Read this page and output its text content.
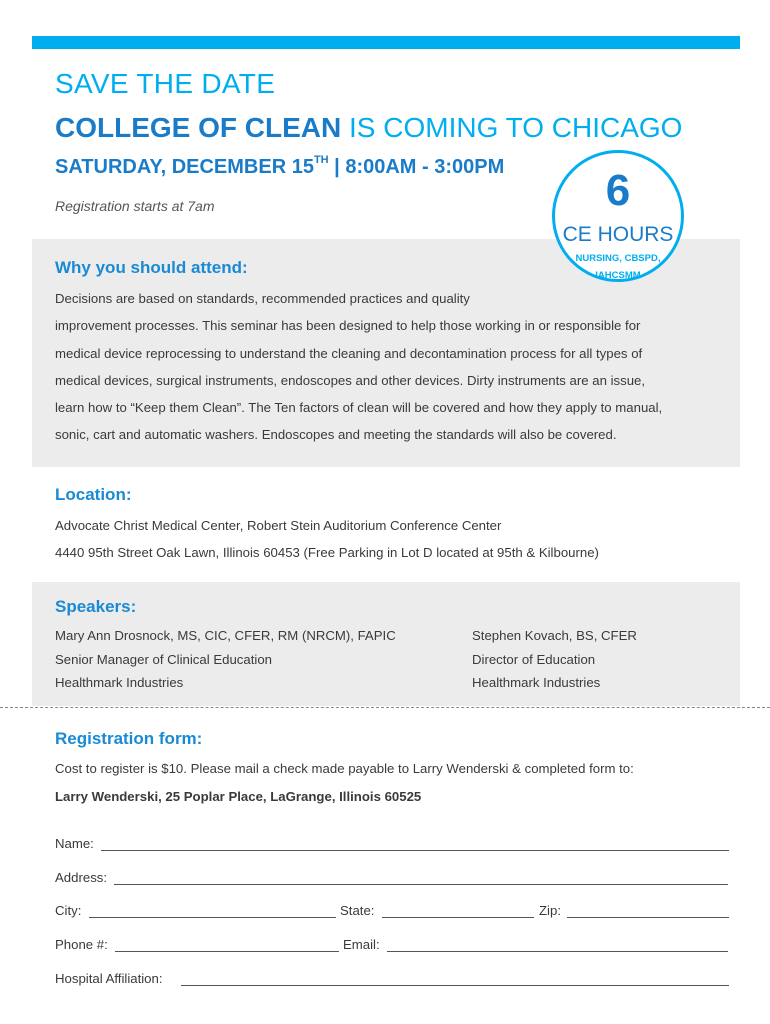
SAVE THE DATE
COLLEGE OF CLEAN IS COMING TO CHICAGO
SATURDAY, DECEMBER 15TH | 8:00AM - 3:00PM
Registration starts at 7am	6
CE HOURS
NURSING, CBSPD,
IAHCSMM
Why you should attend:
Decisions are based on standards, recommended practices and quality
improvement processes. This seminar has been designed to help those working in or responsible for
medical device reprocessing to understand the cleaning and decontamination process for all types of
medical devices, surgical instruments, endoscopes and other devices. Dirty instruments are an issue,
learn how to “Keep them Clean”. The Ten factors of clean will be covered and how they apply to manual,
sonic, cart and automatic washers. Endoscopes and meeting the standards will also be covered.
Location:
Advocate Christ Medical Center, Robert Stein Auditorium Conference Center
4440 95th Street Oak Lawn, Illinois 60453 (Free Parking in Lot D located at 95th & Kilbourne)
Speakers:
Mary Ann Drosnock, MS, CIC, CFER, RM (NRCM), FAPIC
Senior Manager of Clinical Education
Healthmark Industries
Stephen Kovach, BS, CFER
Director of Education
Healthmark Industries
Registration form:
Cost to register is $10. Please mail a check made payable to Larry Wenderski & completed form to:
Larry Wenderski, 25 Poplar Place, LaGrange, Illinois 60525
Name:
Address:
City:	State:	Zip:
Phone #:	Email:
Hospital Affiliation:
